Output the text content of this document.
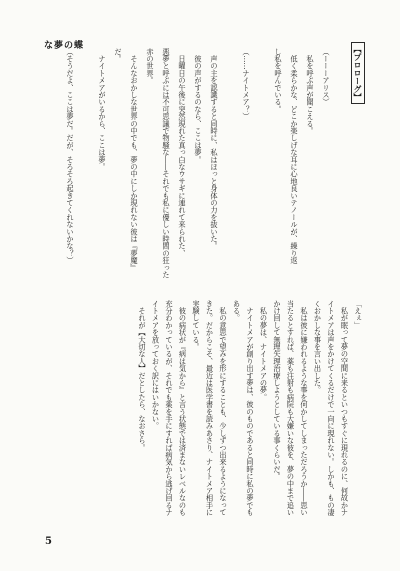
な夢の蝶	【プロローグ】
（ーーーアリス）
　私を呼ぶ声が聞こえる。
　低く柔らかな、どこか楽しげな耳に心地良いテノールが、繰り返
し私を呼んでいる。
（……ナイトメア？）
　声の主を認識すると同時に、私はほっと身体の力を抜いた。
　彼の声がするのなら、ここは夢。
　日曜日の午後に突然現れた真っ白なウサギに連れて来られた、
悪夢と呼ぶには不可思議で物騒な――それでも私に優しい時間の狂った
赤の世界。
　そんなおかしな世界の中でも、夢の中にしか現れない彼は『夢魔』
だ。
　ナイトメアがいるから、ここは夢。
（そうだよ、ここは夢だ。だが、そろそろ起きてくれないかな？）
「えぇ」
　私が眠って夢の空間に来るといつもすぐに現れるのに、何故かナ
イトメアは声をかけてくるだけで一向に現れない。しかも、もの凄
くおかしな事を言い出した。
　私は彼に嫌われるような事を何かしてしまっただろうか――思い
当たるとすれば、薬も注射も病院も大嫌いな彼を、夢の中まで追い
かけ回して無理矢理治療しようとしている事くらいだ。
　私の夢は、ナイトメアの夢。
　ナイトメアが創り出す夢は、彼のものであると同時に私の夢でも
ある。
　私の意思で望みを形にすることも、少しずつ出来るようになって
きた。だからこそ、最近は医学書を読みあさり、ナイトメア相手に
実験している。
　彼の病状が『病は気から』と言う状態では済まないレベルなのも
充分わかっているが、それでも薬を手にすれば病気から逃げ回るナ
イトメアを放っておく訳にはいかない。
　それが【大切な人】だとしたら、なおさら。
5
